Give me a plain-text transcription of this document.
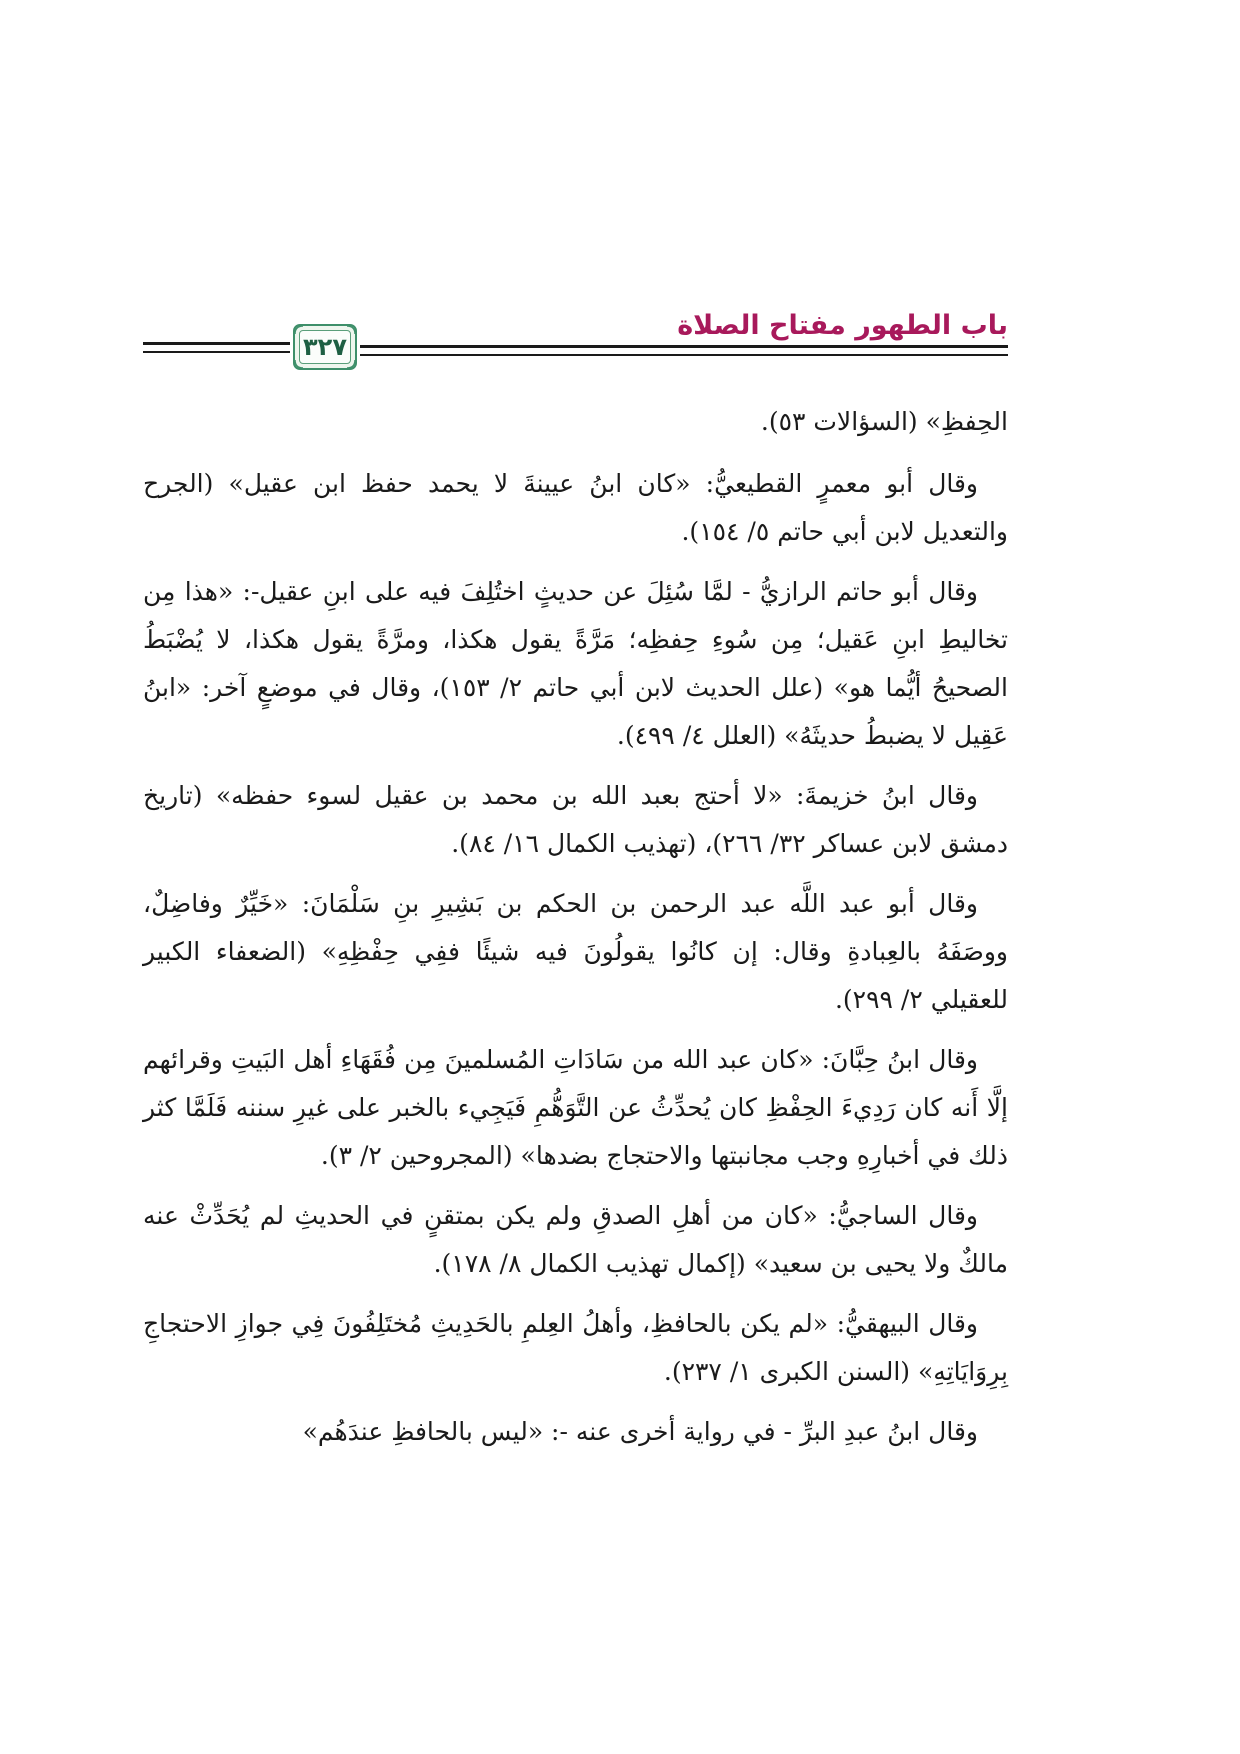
٣٢٧
باب الطهور مفتاح الصلاة

الحِفظِ» (السؤالات ٥٣).

وقال أبو معمرٍ القطيعيُّ: «كان ابنُ عيينةَ لا يحمد حفظ ابن عقيل» (الجرح والتعديل لابن أبي حاتم ٥/ ١٥٤).

وقال أبو حاتم الرازيُّ - لمَّا سُئِلَ عن حديثٍ اختُلِفَ فيه على ابنِ عقيل-: «هذا مِن تخاليطِ ابنِ عَقيل؛ مِن سُوءِ حِفظِه؛ مَرَّةً يقول هكذا، ومرَّةً يقول هكذا، لا يُضْبَطُ الصحيحُ أيُّما هو» (علل الحديث لابن أبي حاتم ٢/ ١٥٣)، وقال في موضعٍ آخر: «ابنُ عَقِيل لا يضبطُ حديثَهُ» (العلل ٤/ ٤٩٩).

وقال ابنُ خزيمةَ: «لا أحتج بعبد الله بن محمد بن عقيل لسوء حفظه» (تاريخ دمشق لابن عساكر ٣٢/ ٢٦٦)، (تهذيب الكمال ١٦/ ٨٤).

وقال أبو عبد اللَّه عبد الرحمن بن الحكم بن بَشِيرِ بنِ سَلْمَانَ: «خَيِّرٌ وفاضِلٌ، ووصَفَهُ بالعِبادةِ وقال: إن كانُوا يقولُونَ فيه شيئًا ففِي حِفْظِهِ» (الضعفاء الكبير للعقيلي ٢/ ٢٩٩).

وقال ابنُ حِبَّانَ: «كان عبد الله من سَادَاتِ المُسلمينَ مِن فُقَهَاءِ أهل البَيتِ وقرائهم إلَّا أَنه كان رَدِيءَ الحِفْظِ كان يُحدِّثُ عن التَّوَهُّمِ فَيَجِيء بالخبر على غيرِ سننه فَلَمَّا كثر ذلك في أخبارِهِ وجب مجانبتها والاحتجاج بضدها» (المجروحين ٢/ ٣).

وقال الساجيُّ: «كان من أهلِ الصدقِ ولم يكن بمتقنٍ في الحديثِ لم يُحَدِّثْ عنه مالكٌ ولا يحيى بن سعيد» (إكمال تهذيب الكمال ٨/ ١٧٨).

وقال البيهقيُّ: «لم يكن بالحافظِ، وأهلُ العِلمِ بالحَدِيثِ مُختَلِفُونَ فِي جوازِ الاحتجاجِ بِرِوَايَاتِهِ» (السنن الكبرى ١/ ٢٣٧).

وقال ابنُ عبدِ البرِّ - في رواية أخرى عنه -: «ليس بالحافظِ عندَهُم»
